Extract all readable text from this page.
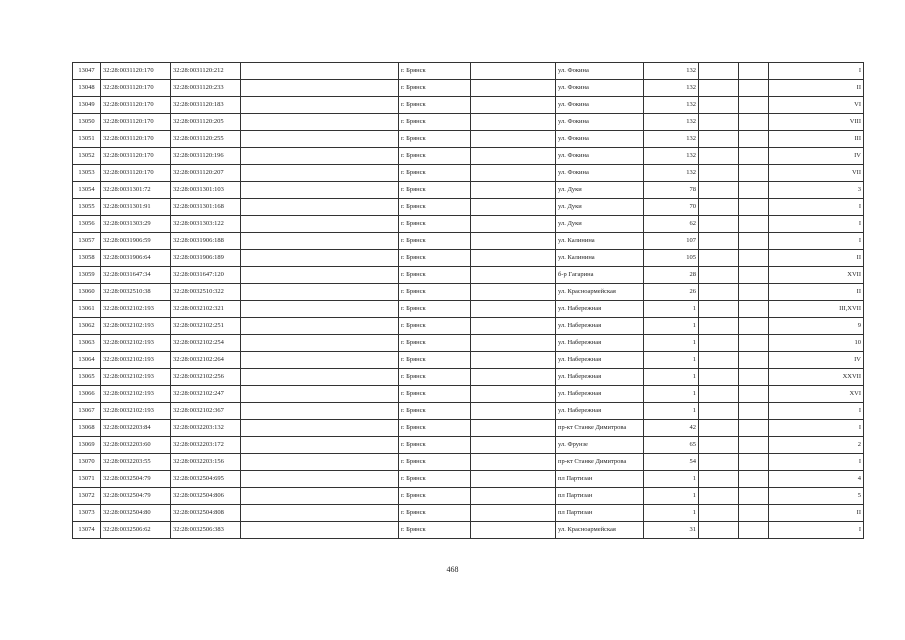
13047	32:28:0031120:170	32:28:0031120:212		г. Брянск		ул. Фокина	132			I
13048	32:28:0031120:170	32:28:0031120:233		г. Брянск		ул. Фокина	132			II
13049	32:28:0031120:170	32:28:0031120:183		г. Брянск		ул. Фокина	132			VI
13050	32:28:0031120:170	32:28:0031120:205		г. Брянск		ул. Фокина	132			VIII
13051	32:28:0031120:170	32:28:0031120:255		г. Брянск		ул. Фокина	132			III
13052	32:28:0031120:170	32:28:0031120:196		г. Брянск		ул. Фокина	132			IV
13053	32:28:0031120:170	32:28:0031120:207		г. Брянск		ул. Фокина	132			VII
13054	32:28:0031301:72	32:28:0031301:103		г. Брянск		ул. Дуки	78			3
13055	32:28:0031301:91	32:28:0031301:168		г. Брянск		ул. Дуки	70			I
13056	32:28:0031303:29	32:28:0031303:122		г. Брянск		ул. Дуки	62			I
13057	32:28:0031906:59	32:28:0031906:188		г. Брянск		ул. Калинина	107			I
13058	32:28:0031906:64	32:28:0031906:189		г. Брянск		ул. Калинина	105			II
13059	32:28:0031647:34	32:28:0031647:120		г. Брянск		б-р Гагарина	28			XVII
13060	32:28:0032510:38	32:28:0032510:322		г. Брянск		ул. Красноармейская	26			II
13061	32:28:0032102:193	32:28:0032102:321		г. Брянск		ул. Набережная	1			III,XVII
13062	32:28:0032102:193	32:28:0032102:251		г. Брянск		ул. Набережная	1			9
13063	32:28:0032102:193	32:28:0032102:254		г. Брянск		ул. Набережная	1			10
13064	32:28:0032102:193	32:28:0032102:264		г. Брянск		ул. Набережная	1			IV
13065	32:28:0032102:193	32:28:0032102:256		г. Брянск		ул. Набережная	1			XXVII
13066	32:28:0032102:193	32:28:0032102:247		г. Брянск		ул. Набережная	1			XVI
13067	32:28:0032102:193	32:28:0032102:367		г. Брянск		ул. Набережная	1			I
13068	32:28:0032203:84	32:28:0032203:132		г. Брянск		пр-кт Станке Димитрова	42			I
13069	32:28:0032203:60	32:28:0032203:172		г. Брянск		ул. Фрунзе	65			2
13070	32:28:0032203:55	32:28:0032203:156		г. Брянск		пр-кт Станке Димитрова	54			I
13071	32:28:0032504:79	32:28:0032504:695		г. Брянск		пл Партизан	1			4
13072	32:28:0032504:79	32:28:0032504:806		г. Брянск		пл Партизан	1			5
13073	32:28:0032504:80	32:28:0032504:808		г. Брянск		пл Партизан	1			II
13074	32:28:0032506:62	32:28:0032506:383		г. Брянск		ул. Красноармейская	31			I
468
